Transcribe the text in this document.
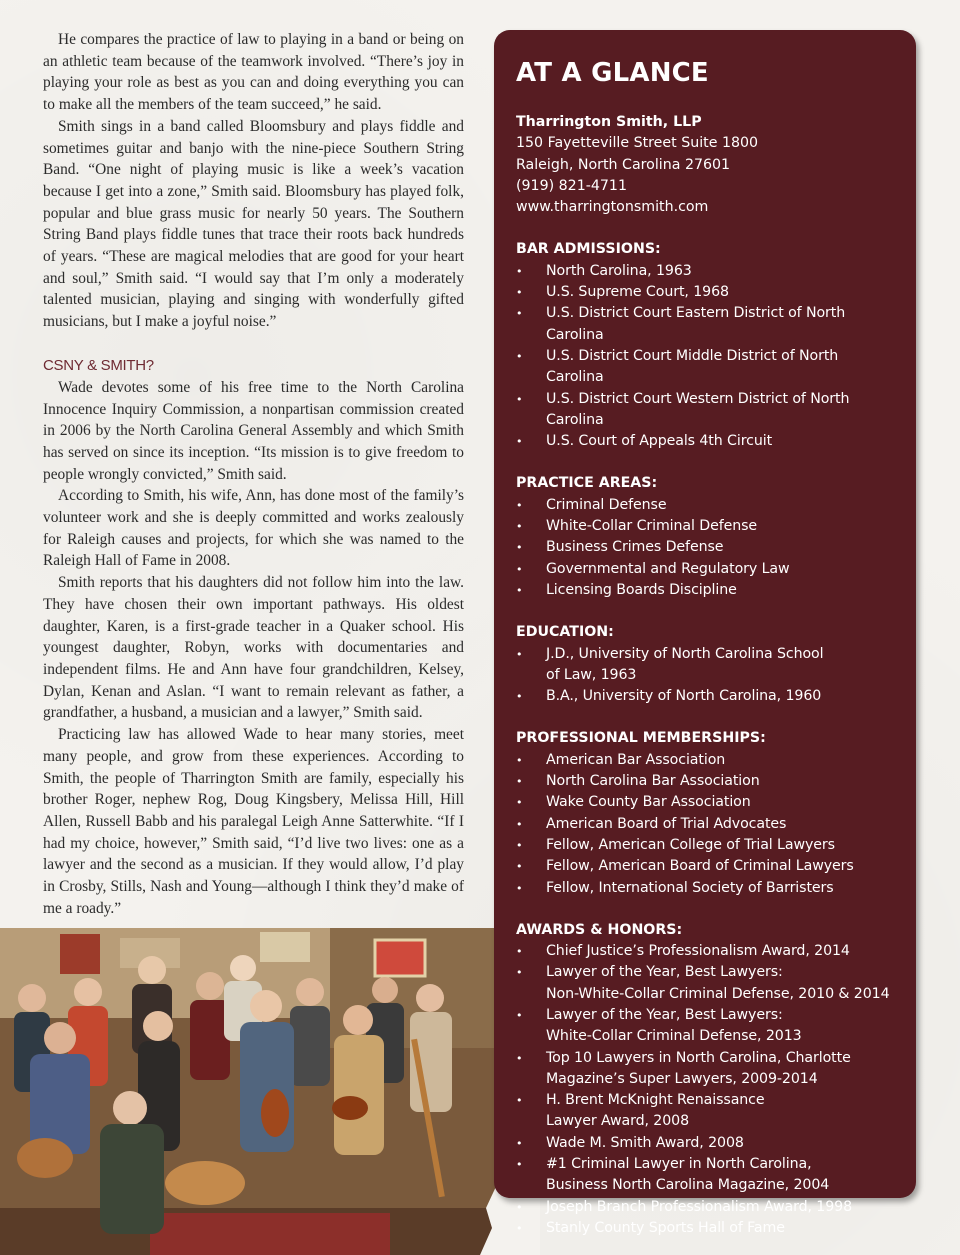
He compares the practice of law to playing in a band or being on an athletic team because of the teamwork involved. “There’s joy in playing your role as best as you can and doing everything you can to make all the members of the team succeed,” he said.

Smith sings in a band called Bloomsbury and plays fiddle and sometimes guitar and banjo with the nine-piece Southern String Band. “One night of playing music is like a week’s vacation because I get into a zone,” Smith said. Bloomsbury has played folk, popular and blue grass music for nearly 50 years. The Southern String Band plays fiddle tunes that trace their roots back hundreds of years. “These are magical melodies that are good for your heart and soul,” Smith said. “I would say that I’m only a moderately talented musician, playing and singing with wonderfully gifted musicians, but I make a joyful noise.”

CSNY & SMITH?

Wade devotes some of his free time to the North Carolina Innocence Inquiry Commission, a nonpartisan commission created in 2006 by the North Carolina General Assembly and which Smith has served on since its inception. “Its mission is to give freedom to people wrongly convicted,” Smith said.

According to Smith, his wife, Ann, has done most of the family’s volunteer work and she is deeply committed and works zealously for Raleigh causes and projects, for which she was named to the Raleigh Hall of Fame in 2008.

Smith reports that his daughters did not follow him into the law. They have chosen their own important pathways. His oldest daughter, Karen, is a first-grade teacher in a Quaker school. His youngest daughter, Robyn, works with documentaries and independent films. He and Ann have four grandchildren, Kelsey, Dylan, Kenan and Aslan. “I want to remain relevant as father, a grandfather, a husband, a musician and a lawyer,” Smith said.

Practicing law has allowed Wade to hear many stories, meet many people, and grow from these experiences. According to Smith, the people of Tharrington Smith are family, especially his brother Roger, nephew Rog, Doug Kingsbery, Melissa Hill, Hill Allen, Russell Babb and his paralegal Leigh Anne Satterwhite. “If I had my choice, however,” Smith said, “I’d live two lives: one as a lawyer and the second as a musician. If they would allow, I’d play in Crosby, Stills, Nash and Young—although I think they’d make of me a roady.”

AT A GLANCE
Tharrington Smith, LLP
150 Fayetteville Street Suite 1800
Raleigh, North Carolina 27601
(919) 821-4711
www.tharringtonsmith.com
BAR ADMISSIONS:
• North Carolina, 1963
• U.S. Supreme Court, 1968
• U.S. District Court Eastern District of North Carolina
• U.S. District Court Middle District of North Carolina
• U.S. District Court Western District of North Carolina
• U.S. Court of Appeals 4th Circuit
PRACTICE AREAS:
• Criminal Defense
• White-Collar Criminal Defense
• Business Crimes Defense
• Governmental and Regulatory Law
• Licensing Boards Discipline
EDUCATION:
• J.D., University of North Carolina School
of Law, 1963
• B.A., University of North Carolina, 1960
PROFESSIONAL MEMBERSHIPS:
• American Bar Association
• North Carolina Bar Association
• Wake County Bar Association
• American Board of Trial Advocates
• Fellow, American College of Trial Lawyers
• Fellow, American Board of Criminal Lawyers
• Fellow, International Society of Barristers
AWARDS & HONORS:
• Chief Justice’s Professionalism Award, 2014
• Lawyer of the Year, Best Lawyers:
Non-White-Collar Criminal Defense, 2010 & 2014
• Lawyer of the Year, Best Lawyers:
White-Collar Criminal Defense, 2013
• Top 10 Lawyers in North Carolina, Charlotte
Magazine’s Super Lawyers, 2009-2014
• H. Brent McKnight Renaissance
Lawyer Award, 2008
• Wade M. Smith Award, 2008
• #1 Criminal Lawyer in North Carolina,
Business North Carolina Magazine, 2004
• Joseph Branch Professionalism Award, 1998
• Stanly County Sports Hall of Fame
